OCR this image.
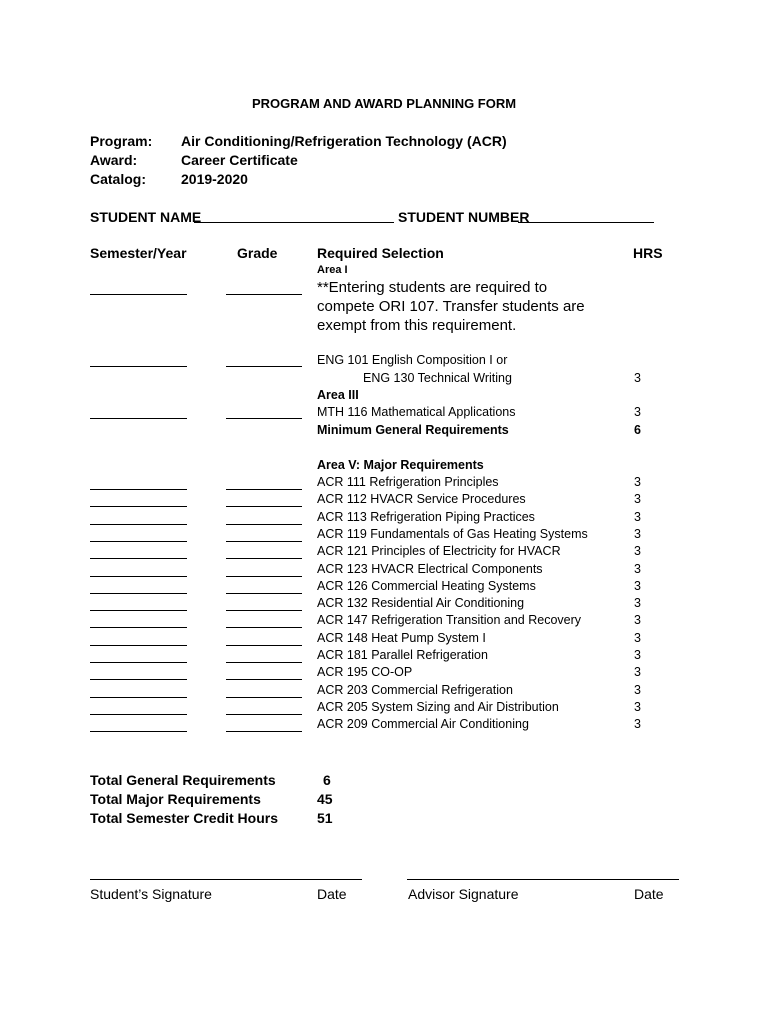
PROGRAM AND AWARD PLANNING FORM
Program: Air Conditioning/Refrigeration Technology (ACR)
Award:	Career Certificate
Catalog:	2019-2020
STUDENT NAME	STUDENT NUMBER
Semester/Year	Grade	Required Selection	HRS
Area I
**Entering students are required to
compete ORI 107. Transfer students are
exempt from this requirement.
ENG 101 English Composition I or
ENG 130 Technical Writing	3
Area III
MTH 116 Mathematical Applications	3
Minimum General Requirements	6
Area V: Major Requirements
ACR 111 Refrigeration Principles	3
ACR 112 HVACR Service Procedures	3
ACR 113 Refrigeration Piping Practices	3
ACR 119 Fundamentals of Gas Heating Systems	3
ACR 121 Principles of Electricity for HVACR	3
ACR 123 HVACR Electrical Components	3
ACR 126 Commercial Heating Systems	3
ACR 132 Residential Air Conditioning	3
ACR 147 Refrigeration Transition and Recovery	3
ACR 148 Heat Pump System I	3
ACR 181 Parallel Refrigeration	3
ACR 195 CO-OP	3
ACR 203 Commercial Refrigeration	3
ACR 205 System Sizing and Air Distribution	3
ACR 209 Commercial Air Conditioning	3
Total General Requirements	6
Total Major Requirements	45
Total Semester Credit Hours	51
Student’s Signature	Date	Advisor Signature	Date
